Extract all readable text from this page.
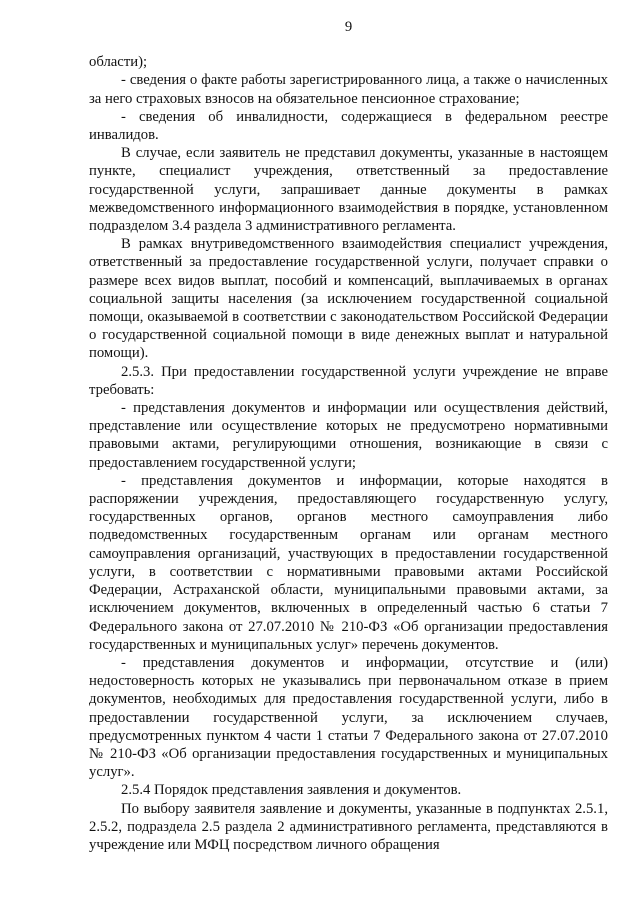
9

области);

- сведения о факте работы зарегистрированного лица, а также о начисленных за него страховых взносов на обязательное пенсионное страхование;

- сведения об инвалидности, содержащиеся в федеральном реестре инвалидов.

В случае, если заявитель не представил документы, указанные в настоящем пункте, специалист учреждения, ответственный за предоставление государственной услуги, запрашивает данные документы в рамках межведомственного информационного взаимодействия в порядке, установленном подразделом 3.4 раздела 3 административного регламента.

В рамках внутриведомственного взаимодействия специалист учреждения, ответственный за предоставление государственной услуги, получает справки о размере всех видов выплат, пособий и компенсаций, выплачиваемых в органах социальной защиты населения (за исключением государственной социальной помощи, оказываемой в соответствии с законодательством Российской Федерации о государственной социальной помощи в виде денежных выплат и натуральной помощи).

2.5.3. При предоставлении государственной услуги учреждение не вправе требовать:

- представления документов и информации или осуществления действий, представление или осуществление которых не предусмотрено нормативными правовыми актами, регулирующими отношения, возникающие в связи с предоставлением государственной услуги;

- представления документов и информации, которые находятся в распоряжении учреждения, предоставляющего государственную услугу, государственных органов, органов местного самоуправления либо подведомственных государственным органам или органам местного самоуправления организаций, участвующих в предоставлении государственной услуги, в соответствии с нормативными правовыми актами Российской Федерации, Астраханской области, муниципальными правовыми актами, за исключением документов, включенных в определенный частью 6 статьи 7 Федерального закона от 27.07.2010 № 210-ФЗ «Об организации предоставления государственных и муниципальных услуг» перечень документов.

- представления документов и информации, отсутствие и (или) недостоверность которых не указывались при первоначальном отказе в прием документов, необходимых для предоставления государственной услуги, либо в предоставлении государственной услуги, за исключением случаев, предусмотренных пунктом 4 части 1 статьи 7 Федерального закона от 27.07.2010 № 210-ФЗ «Об организации предоставления государственных и муниципальных услуг».

2.5.4 Порядок представления заявления и документов.

По выбору заявителя заявление и документы, указанные в подпунктах 2.5.1, 2.5.2, подраздела 2.5 раздела 2 административного регламента, представляются в учреждение или МФЦ посредством личного обращения
